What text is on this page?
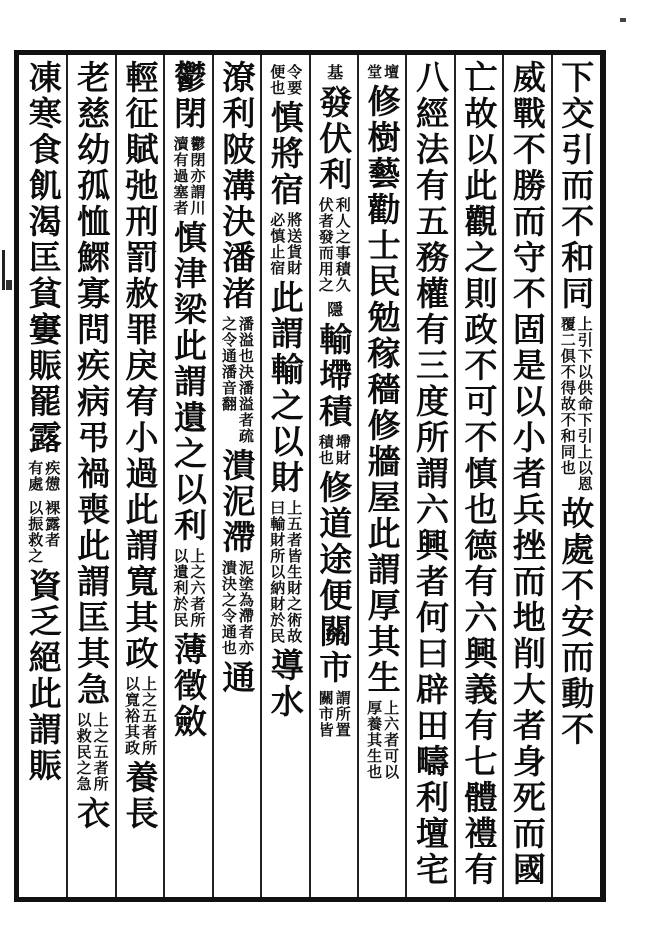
下交引而不和同
上引下以供命下引上以恩
覆二俱不得故不和同也
故處不安而動不
威戰不勝而守不固是以小者兵挫而地削大者身死而國
亡故以此觀之則政不可不慎也德有六興義有七體禮有
八經法有五務權有三度所謂六興者何曰辟田疇利壇宅
壇
堂
修樹藝勸士民勉稼穡修牆屋此謂厚其生
上六者可以
厚養其生也
基
發伏利
利人之事積久
伏者發而用之
隱
輸墆積
墆財
積也
修道途便關市
謂所置
關市皆
令要
便也
慎將宿
將送貨財
必慎止宿
此謂輸之以財
上五者皆生財之術故
曰輸財所以納財於民
導水
潦利陂溝決潘渚
潘溢也決潘溢者疏
之令通潘音翻
潰泥滯
泥塗為滯者亦
潰決之令通也
通
鬱閉
鬱閉亦謂川
瀆有過塞者
慎津梁此謂遺之以利
上之六者所
以遺利於民
薄徵斂
輕征賦弛刑罰赦罪戾宥小過此謂寬其政
上之五者所
以寬裕其政
養長
老慈幼孤恤鰥寡問疾病弔禍喪此謂匡其急
上之五者所
以救民之急
衣
凍寒食飢渴匡貧窶賑罷露
疾憊
有處
裸露者
以振救之
資乏絕此謂賑
